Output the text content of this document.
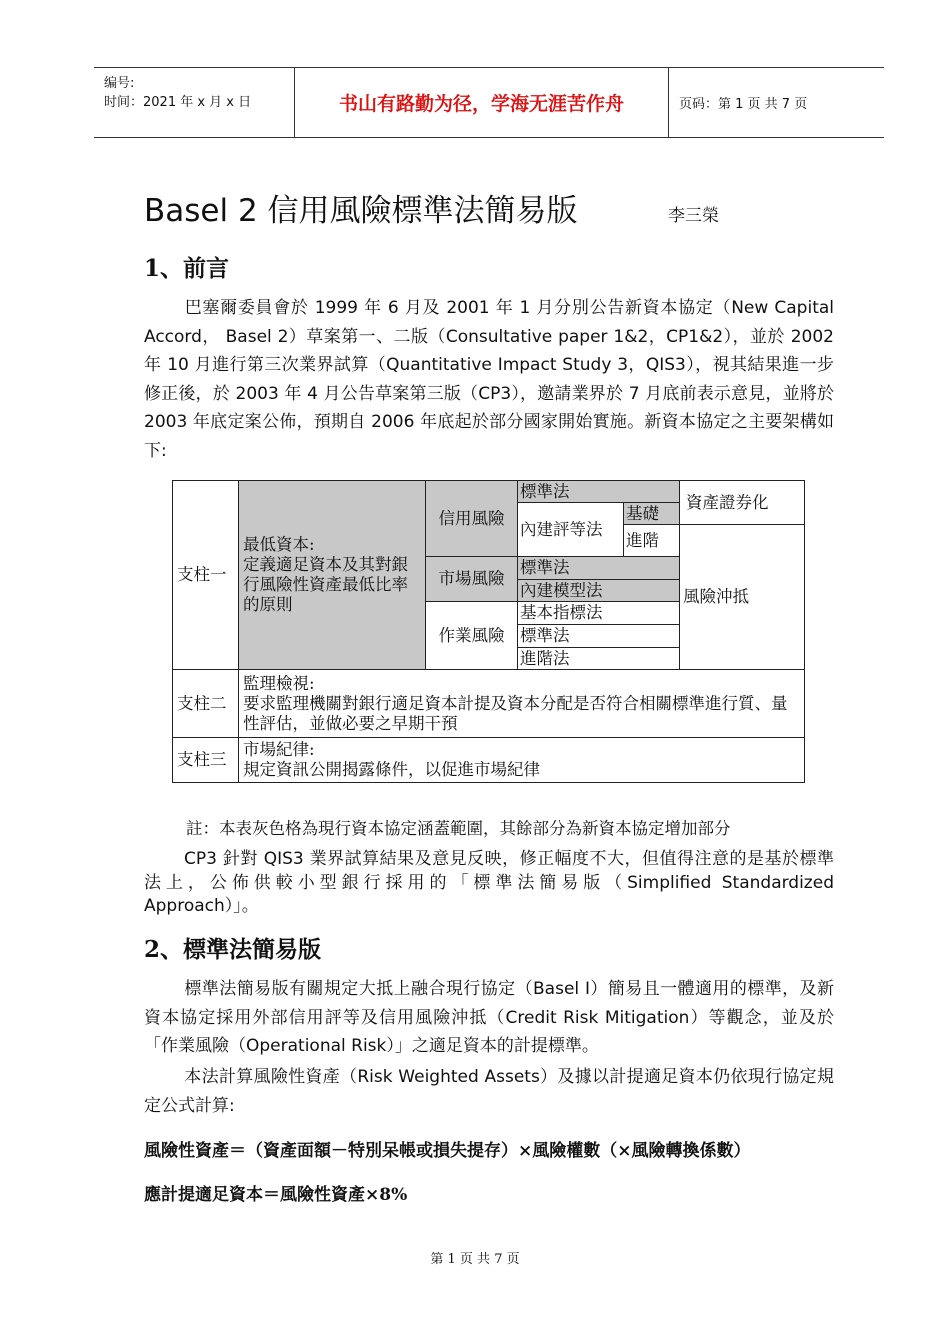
编号:
时间：2021 年 x 月 x 日	书山有路勤为径，学海无涯苦作舟	页码：第 1 页 共 7 页
Basel 2 信用風險標準法簡易版	李三榮
1、前言

巴塞爾委員會於 1999 年 6 月及 2001 年 1 月分別公告新資本協定（New Capital Accord， Basel 2）草案第一、二版（Consultative paper 1&2，CP1&2），並於 2002 年 10 月進行第三次業界試算（Quantitative Impact Study 3，QIS3），視其結果進一步修正後，於 2003 年 4 月公告草案第三版（CP3），邀請業界於 7 月底前表示意見，並將於 2003 年底定案公佈，預期自 2006 年底起於部分國家開始實施。新資本協定之主要架構如下:

支柱一	最低資本:
定義適足資本及其對銀行風險性資產最低比率的原則	信用風險	標準法		資產證券化
			內建評等法	基礎	
				進階	風險沖抵

		市場風險	標準法		
			內建模型法		
		作業風險	基本指標法		
			標準法		
			進階法		
支柱二	監理檢視:
要求監理機關對銀行適足資本計提及資本分配是否符合相關標準進行質、量性評估，並做必要之早期干預				
支柱三	市場紀律:
規定資訊公開揭露條件，以促進市場紀律				
註：本表灰色格為現行資本協定涵蓋範圍，其餘部分為新資本協定增加部分

CP3 針對 QIS3 業界試算結果及意見反映，修正幅度不大，但值得注意的是基於標準法上，公佈供較小型銀行採用的「標準法簡易版（Simplified Standardized Approach）」。

2、標準法簡易版

標準法簡易版有關規定大抵上融合現行協定（Basel I）簡易且一體適用的標準，及新資本協定採用外部信用評等及信用風險沖抵（Credit Risk Mitigation）等觀念，並及於「作業風險（Operational Risk）」之適足資本的計提標準。

本法計算風險性資產（Risk Weighted Assets）及據以計提適足資本仍依現行協定規定公式計算:

風險性資產＝（資產面額－特別呆帳或損失提存）×風險權數（×風險轉換係數）
應計提適足資本＝風險性資產×8%
第 1 页 共 7 页
